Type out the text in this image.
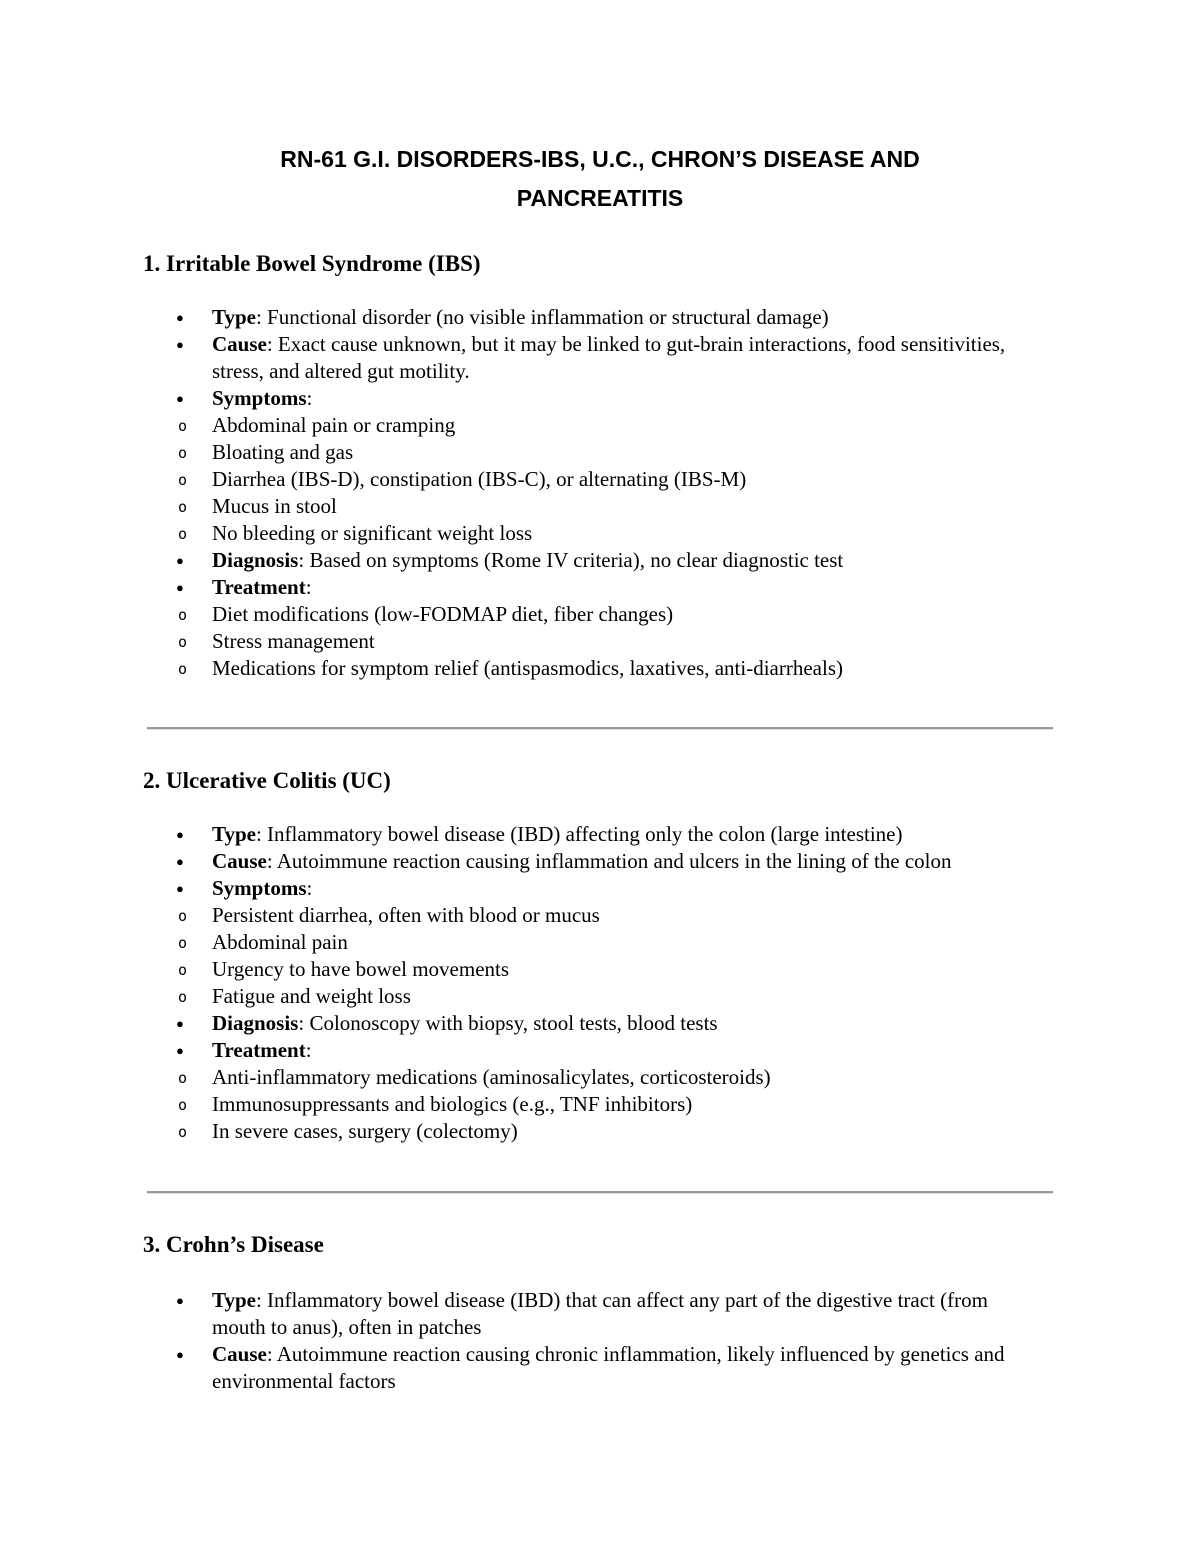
RN-61 G.I. DISORDERS-IBS, U.C., CHRON’S DISEASE AND
PANCREATITIS
1. Irritable Bowel Syndrome (IBS)
● Type: Functional disorder (no visible inflammation or structural damage)
● Cause: Exact cause unknown, but it may be linked to gut-brain interactions, food sensitivities, stress, and altered gut motility.
● Symptoms:
o Abdominal pain or cramping
o Bloating and gas
o Diarrhea (IBS-D), constipation (IBS-C), or alternating (IBS-M)
o Mucus in stool
o No bleeding or significant weight loss
● Diagnosis: Based on symptoms (Rome IV criteria), no clear diagnostic test
● Treatment:
o Diet modifications (low-FODMAP diet, fiber changes)
o Stress management
o Medications for symptom relief (antispasmodics, laxatives, anti-diarrheals)
2. Ulcerative Colitis (UC)
● Type: Inflammatory bowel disease (IBD) affecting only the colon (large intestine)
● Cause: Autoimmune reaction causing inflammation and ulcers in the lining of the colon
● Symptoms:
o Persistent diarrhea, often with blood or mucus
o Abdominal pain
o Urgency to have bowel movements
o Fatigue and weight loss
● Diagnosis: Colonoscopy with biopsy, stool tests, blood tests
● Treatment:
o Anti-inflammatory medications (aminosalicylates, corticosteroids)
o Immunosuppressants and biologics (e.g., TNF inhibitors)
o In severe cases, surgery (colectomy)
3. Crohn’s Disease
● Type: Inflammatory bowel disease (IBD) that can affect any part of the digestive tract (from mouth to anus), often in patches
● Cause: Autoimmune reaction causing chronic inflammation, likely influenced by genetics and environmental factors
